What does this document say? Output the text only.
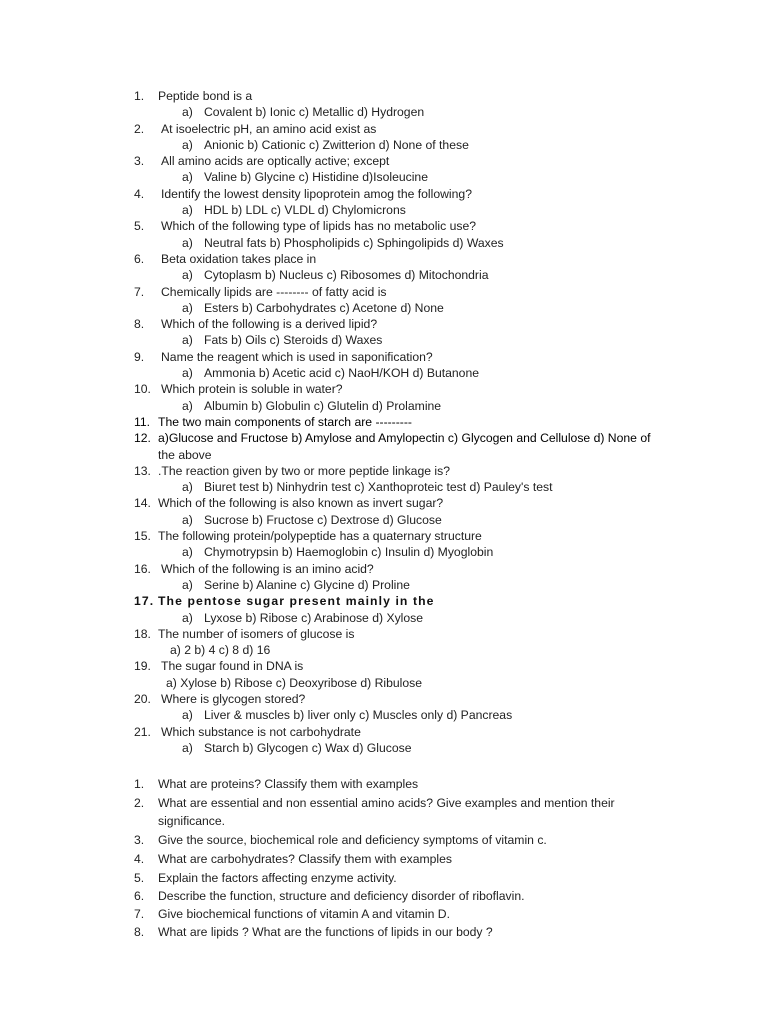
1. Peptide bond is a
a) Covalent b) Ionic c) Metallic d) Hydrogen
2. At isoelectric pH, an amino acid exist as
a) Anionic b) Cationic c) Zwitterion d) None of these
3. All amino acids are optically active; except
a) Valine b) Glycine c) Histidine d)Isoleucine
4. Identify the lowest density lipoprotein amog the following?
a) HDL b) LDL c) VLDL d) Chylomicrons
5. Which of the following type of lipids has no metabolic use?
a) Neutral fats b) Phospholipids c) Sphingolipids d) Waxes
6. Beta oxidation takes place in
a) Cytoplasm b) Nucleus c) Ribosomes d) Mitochondria
7. Chemically lipids are -------- of fatty acid is
a) Esters b) Carbohydrates c) Acetone d) None
8. Which of the following is a derived lipid?
a) Fats b) Oils c) Steroids d) Waxes
9. Name the reagent which is used in saponification?
a) Ammonia b) Acetic acid c) NaoH/KOH d) Butanone
10. Which protein is soluble in water?
a) Albumin b) Globulin c) Glutelin d) Prolamine
11. The two main components of starch are ---------
12. a)Glucose and Fructose b) Amylose and Amylopectin c) Glycogen and Cellulose d) None of
the above
13. .The reaction given by two or more peptide linkage is?
a) Biuret test b) Ninhydrin test c) Xanthoproteic test d) Pauley's test
14. Which of the following is also known as invert sugar?
a) Sucrose b) Fructose c) Dextrose d) Glucose
15. The following protein/polypeptide has a quaternary structure
a) Chymotrypsin b) Haemoglobin c) Insulin d) Myoglobin
16. Which of the following is an imino acid?
a) Serine b) Alanine c) Glycine d) Proline
17. The pentose sugar present mainly in the
a) Lyxose b) Ribose c) Arabinose d) Xylose
18. The number of isomers of glucose is
a) 2 b) 4 c) 8 d) 16
19. The sugar found in DNA is
a) Xylose b) Ribose c) Deoxyribose d) Ribulose
20. Where is glycogen stored?
a) Liver & muscles b) liver only c) Muscles only d) Pancreas
21. Which substance is not carbohydrate
a) Starch b) Glycogen c) Wax d) Glucose
1. What are proteins? Classify them with examples
2. What are essential and non essential amino acids? Give examples and mention their significance.
3. Give the source, biochemical role and deficiency symptoms of vitamin c.
4. What are carbohydrates? Classify them with examples
5. Explain the factors affecting enzyme activity.
6. Describe the function, structure and deficiency disorder of riboflavin.
7. Give biochemical functions of vitamin A and vitamin D.
8. What are lipids ? What are the functions of lipids in our body ?
